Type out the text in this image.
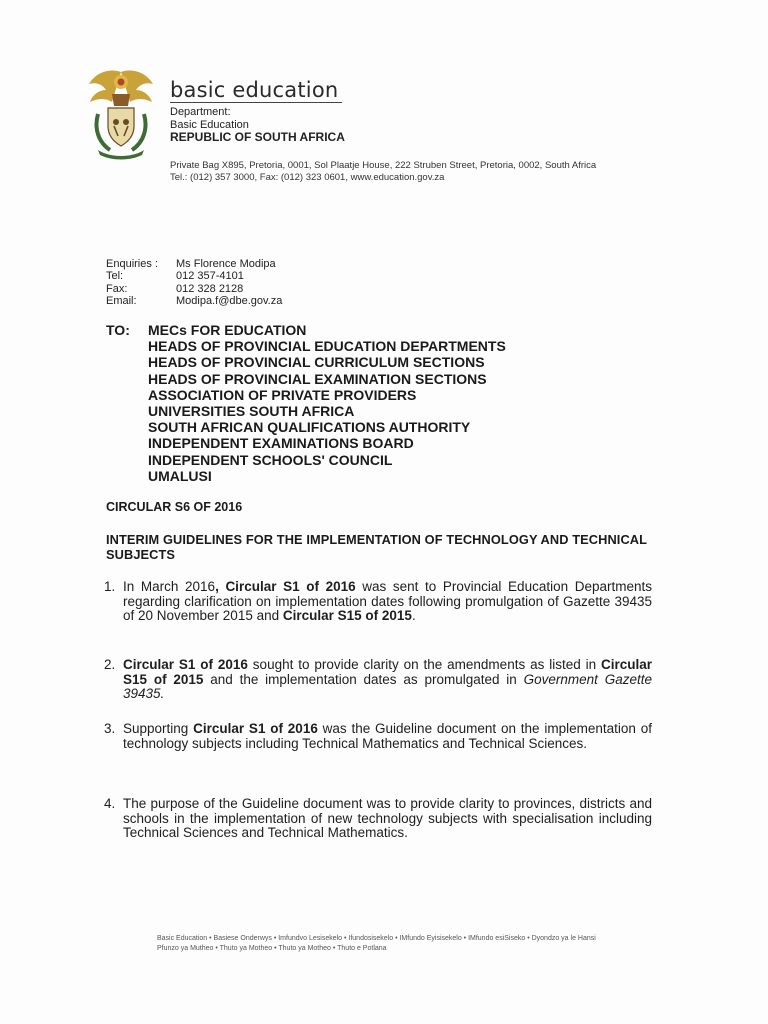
basic education
Department:
Basic Education
REPUBLIC OF SOUTH AFRICA
Private Bag X895, Pretoria, 0001, Sol Plaatje House, 222 Struben Street, Pretoria, 0002, South Africa
Tel.: (012) 357 3000, Fax: (012) 323 0601, www.education.gov.za
Enquiries :	Ms Florence Modipa
Tel:	012 357-4101
Fax:	012 328 2128
Email:	Modipa.f@dbe.gov.za
TO:	MECs FOR EDUCATION
HEADS OF PROVINCIAL EDUCATION DEPARTMENTS
HEADS OF PROVINCIAL CURRICULUM SECTIONS
HEADS OF PROVINCIAL EXAMINATION SECTIONS
ASSOCIATION OF PRIVATE PROVIDERS
UNIVERSITIES SOUTH AFRICA
SOUTH AFRICAN QUALIFICATIONS AUTHORITY
INDEPENDENT EXAMINATIONS BOARD
INDEPENDENT SCHOOLS' COUNCIL
UMALUSI
CIRCULAR S6 OF 2016
INTERIM GUIDELINES FOR THE IMPLEMENTATION OF TECHNOLOGY AND TECHNICAL SUBJECTS
1. In March 2016, Circular S1 of 2016 was sent to Provincial Education Departments regarding clarification on implementation dates following promulgation of Gazette 39435 of 20 November 2015 and Circular S15 of 2015.
2. Circular S1 of 2016 sought to provide clarity on the amendments as listed in Circular S15 of 2015 and the implementation dates as promulgated in Government Gazette 39435.
3. Supporting Circular S1 of 2016 was the Guideline document on the implementation of technology subjects including Technical Mathematics and Technical Sciences.
4. The purpose of the Guideline document was to provide clarity to provinces, districts and schools in the implementation of new technology subjects with specialisation including Technical Sciences and Technical Mathematics.
Basic Education • Basiese Onderwys • Imfundvo Lesisekelo • Ifundosisekelo • IMfundo Eyisisekelo • IMfundo esiSiseko • Dyondzo ya le Hansi
Pfunzo ya Mutheo • Thuto ya Motheo • Thuto ya Motheo • Thuto e Potlana
